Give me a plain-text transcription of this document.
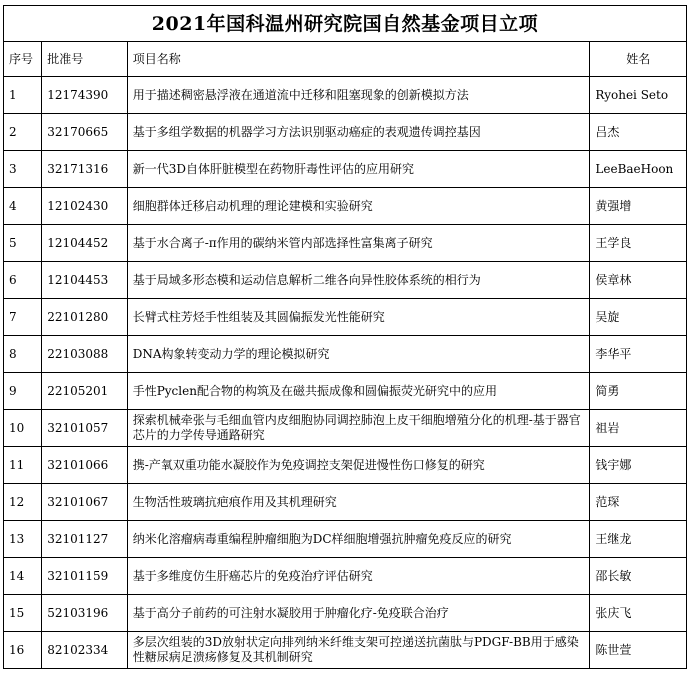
2021年国科温州研究院国自然基金项目立项			
序号	批准号	项目名称	姓名
1	12174390	用于描述稠密悬浮液在通道流中迁移和阻塞现象的创新模拟方法	Ryohei Seto
2	32170665	基于多组学数据的机器学习方法识别驱动癌症的表观遗传调控基因	吕杰
3	32171316	新一代3D自体肝脏模型在药物肝毒性评估的应用研究	LeeBaeHoon
4	12102430	细胞群体迁移启动机理的理论建模和实验研究	黄强增
5	12104452	基于水合离子-π作用的碳纳米管内部选择性富集离子研究	王学良
6	12104453	基于局域多形态模和运动信息解析二维各向异性胶体系统的相行为	侯章林
7	22101280	长臂式柱芳烃手性组装及其圆偏振发光性能研究	吴旋
8	22103088	DNA构象转变动力学的理论模拟研究	李华平
9	22105201	手性Pyclen配合物的构筑及在磁共振成像和圆偏振荧光研究中的应用	简勇
10	32101057	探索机械牵张与毛细血管内皮细胞协同调控肺泡上皮干细胞增殖分化的机理-基于器官芯片的力学传导通路研究	祖岩
11	32101066	携-产氧双重功能水凝胶作为免疫调控支架促进慢性伤口修复的研究	钱宇娜
12	32101067	生物活性玻璃抗疤痕作用及其机理研究	范琛
13	32101127	纳米化溶瘤病毒重编程肿瘤细胞为DC样细胞增强抗肿瘤免疫反应的研究	王继龙
14	32101159	基于多维度仿生肝癌芯片的免疫治疗评估研究	邵长敏
15	52103196	基于高分子前药的可注射水凝胶用于肿瘤化疗-免疫联合治疗	张庆飞
16	82102334	多层次组装的3D放射状定向排列纳米纤维支架可控递送抗菌肽与PDGF-BB用于感染性糖尿病足溃疡修复及其机制研究	陈世萱
